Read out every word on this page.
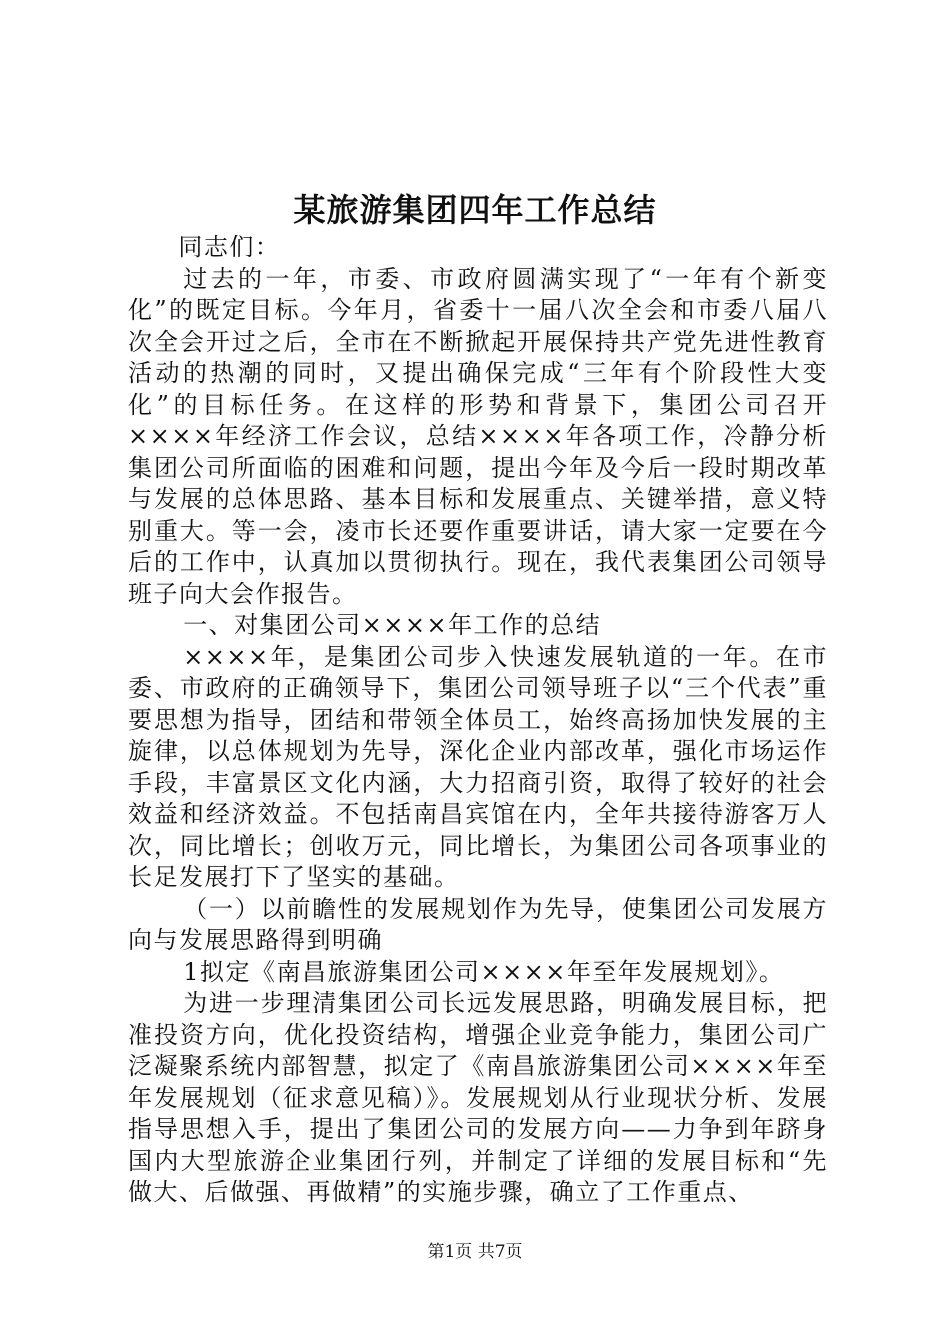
某旅游集团四年工作总结

同志们：

过去的一年，市委、市政府圆满实现了“一年有个新变化”的既定目标。今年月，省委十一届八次全会和市委八届八次全会开过之后，全市在不断掀起开展保持共产党先进性教育活动的热潮的同时，又提出确保完成“三年有个阶段性大变化”的目标任务。在这样的形势和背景下，集团公司召开××××年经济工作会议，总结××××年各项工作，冷静分析集团公司所面临的困难和问题，提出今年及今后一段时期改革与发展的总体思路、基本目标和发展重点、关键举措，意义特别重大。等一会，凌市长还要作重要讲话，请大家一定要在今后的工作中，认真加以贯彻执行。现在，我代表集团公司领导班子向大会作报告。

一、对集团公司××××年工作的总结

××××年，是集团公司步入快速发展轨道的一年。在市委、市政府的正确领导下，集团公司领导班子以“三个代表”重要思想为指导，团结和带领全体员工，始终高扬加快发展的主旋律，以总体规划为先导，深化企业内部改革，强化市场运作手段，丰富景区文化内涵，大力招商引资，取得了较好的社会效益和经济效益。不包括南昌宾馆在内，全年共接待游客万人次，同比增长；创收万元，同比增长，为集团公司各项事业的长足发展打下了坚实的基础。

（一）以前瞻性的发展规划作为先导，使集团公司发展方向与发展思路得到明确

1拟定《南昌旅游集团公司××××年至年发展规划》。

为进一步理清集团公司长远发展思路，明确发展目标，把准投资方向，优化投资结构，增强企业竞争能力，集团公司广泛凝聚系统内部智慧，拟定了《南昌旅游集团公司××××年至年发展规划（征求意见稿）》。发展规划从行业现状分析、发展指导思想入手，提出了集团公司的发展方向——力争到年跻身国内大型旅游企业集团行列，并制定了详细的发展目标和“先做大、后做强、再做精”的实施步骤，确立了工作重点、

第1页 共7页
